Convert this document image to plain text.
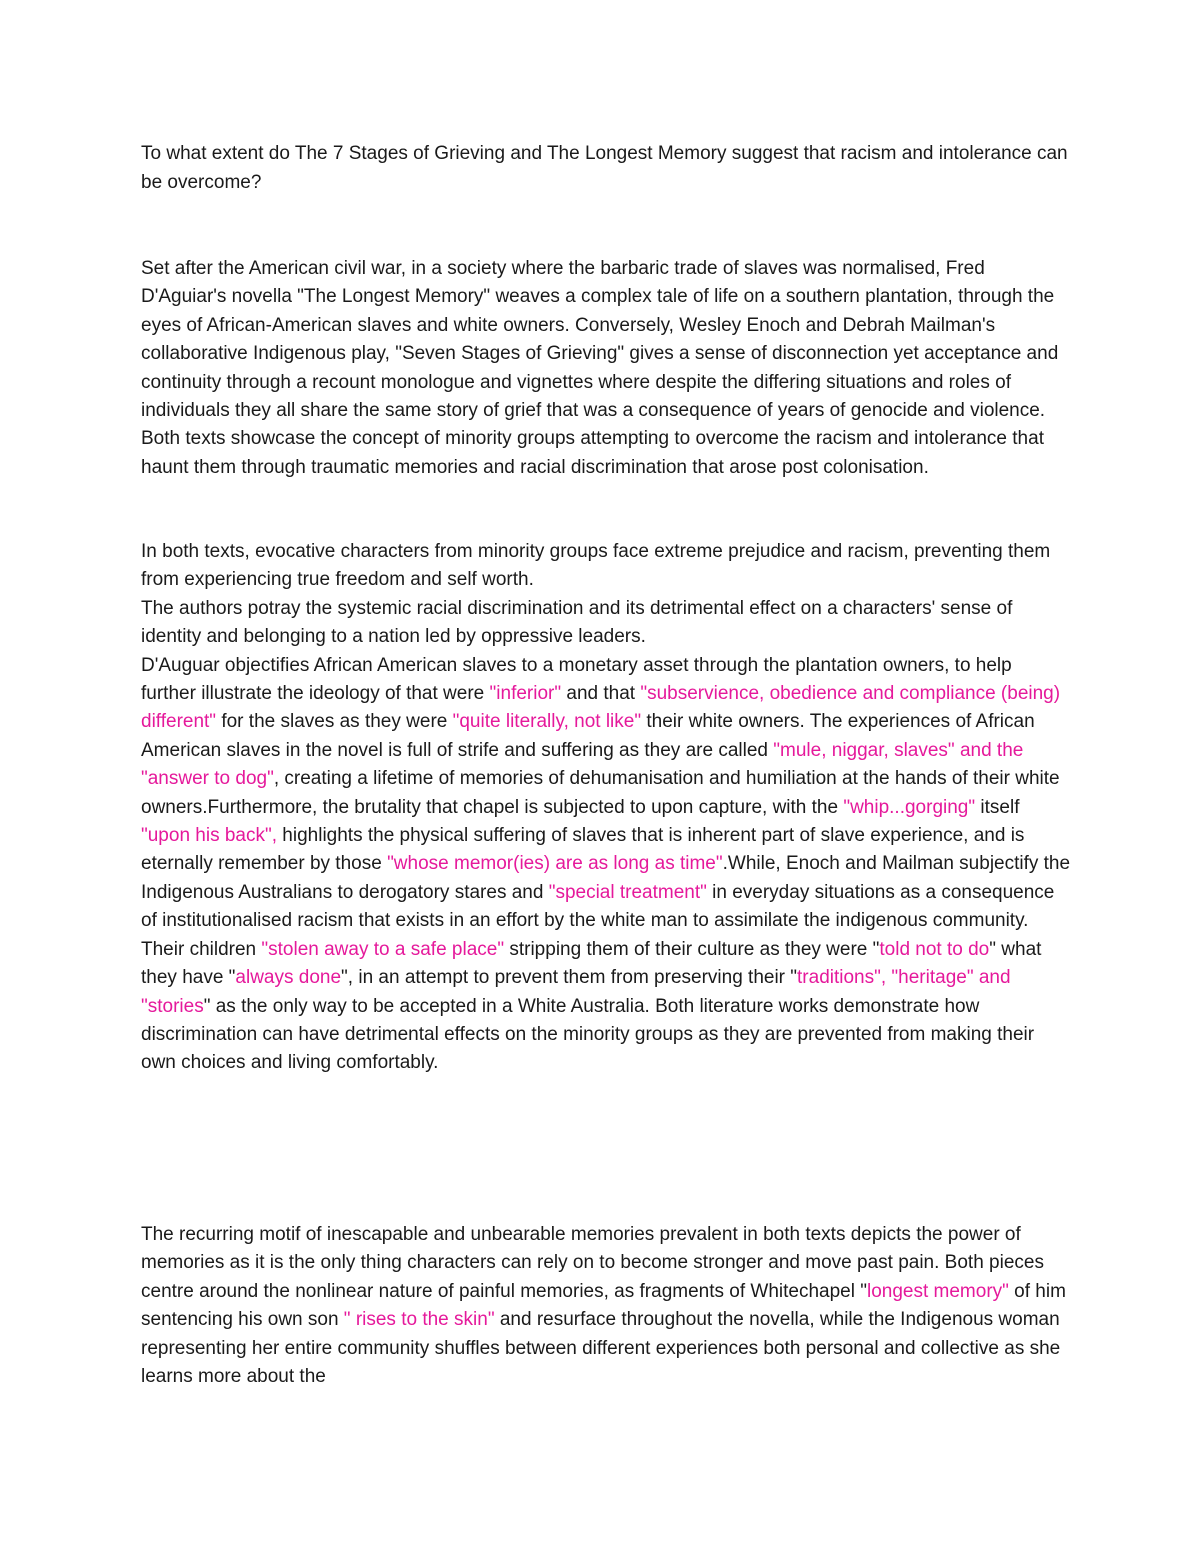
To what extent do The 7 Stages of Grieving and The Longest Memory suggest that racism and intolerance can be overcome?

Set after the American civil war, in a society where the barbaric trade of slaves was normalised, Fred D'Aguiar's novella "The Longest Memory" weaves a complex tale of life on a southern plantation, through the eyes of African-American slaves and white owners. Conversely, Wesley Enoch and Debrah Mailman's collaborative Indigenous play, "Seven Stages of Grieving" gives a sense of disconnection yet acceptance and continuity through a recount monologue and vignettes where despite the differing situations and roles of individuals they all share the same story of grief that was a consequence of years of genocide and violence. Both texts showcase the concept of minority groups attempting to overcome the racism and intolerance that haunt them through traumatic memories and racial discrimination that arose post colonisation.

In both texts, evocative characters from minority groups face extreme prejudice and racism, preventing them from experiencing true freedom and self worth.
The authors potray the systemic racial discrimination and its detrimental effect on a characters' sense of identity and belonging to a nation led by oppressive leaders.
D'Auguar objectifies African American slaves to a monetary asset through the plantation owners, to help further illustrate the ideology of that were "inferior" and that "subservience, obedience and compliance (being) different" for the slaves as they were "quite literally, not like" their white owners. The experiences of African American slaves in the novel is full of strife and suffering as they are called "mule, niggar, slaves" and the "answer to dog", creating a lifetime of memories of dehumanisation and humiliation at the hands of their white owners.Furthermore, the brutality that chapel is subjected to upon capture, with the "whip...gorging" itself "upon his back", highlights the physical suffering of slaves that is inherent part of slave experience, and is eternally remember by those "whose memor(ies) are as long as time".While, Enoch and Mailman subjectify the Indigenous Australians to derogatory stares and "special treatment" in everyday situations as a consequence of institutionalised racism that exists in an effort by the white man to assimilate the indigenous community. Their children "stolen away to a safe place" stripping them of their culture as they were "told not to do" what they have "always done", in an attempt to prevent them from preserving their "traditions", "heritage" and "stories" as the only way to be accepted in a White Australia. Both literature works demonstrate how discrimination can have detrimental effects on the minority groups as they are prevented from making their own choices and living comfortably.

The recurring motif of inescapable and unbearable memories prevalent in both texts depicts the power of memories as it is the only thing characters can rely on to become stronger and move past pain. Both pieces centre around the nonlinear nature of painful memories, as fragments of Whitechapel "longest memory" of him sentencing his own son " rises to the skin" and resurface throughout the novella, while the Indigenous woman representing her entire community shuffles between different experiences both personal and collective as she learns more about the
